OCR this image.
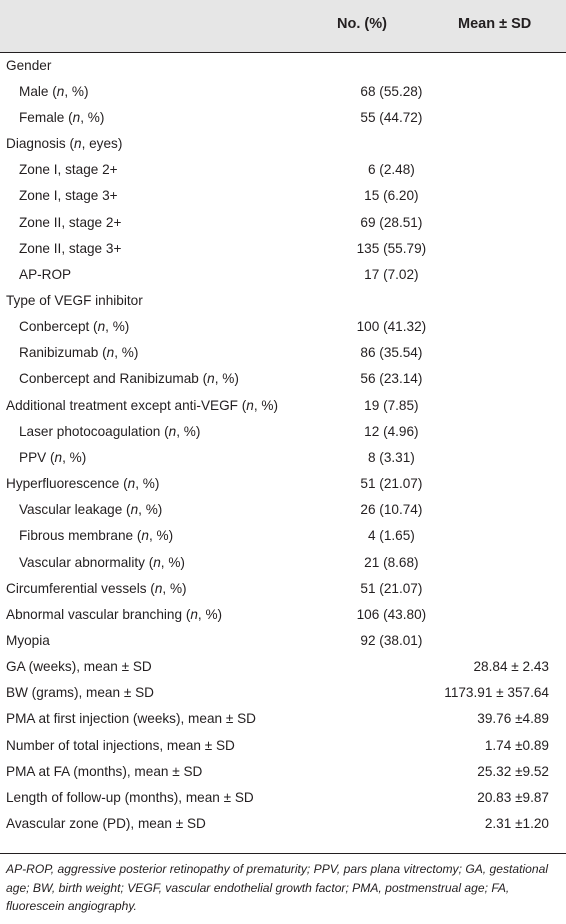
No. (%)	Mean ± SD
Gender		
Male (n, %)	68 (55.28)	
Female (n, %)	55 (44.72)	
Diagnosis (n, eyes)		
Zone I, stage 2+	6 (2.48)	
Zone I, stage 3+	15 (6.20)	
Zone II, stage 2+	69 (28.51)	
Zone II, stage 3+	135 (55.79)	
AP-ROP	17 (7.02)	
Type of VEGF inhibitor		
Conbercept (n, %)	100 (41.32)	
Ranibizumab (n, %)	86 (35.54)	
Conbercept and Ranibizumab (n, %)	56 (23.14)	
Additional treatment except anti-VEGF (n, %)	19 (7.85)	
Laser photocoagulation (n, %)	12 (4.96)	
PPV (n, %)	8 (3.31)	
Hyperfluorescence (n, %)	51 (21.07)	
Vascular leakage (n, %)	26 (10.74)	
Fibrous membrane (n, %)	4 (1.65)	
Vascular abnormality (n, %)	21 (8.68)	
Circumferential vessels (n, %)	51 (21.07)	
Abnormal vascular branching (n, %)	106 (43.80)	
Myopia	92 (38.01)	
GA (weeks), mean ± SD		28.84 ± 2.43
BW (grams), mean ± SD		1173.91 ± 357.64
PMA at first injection (weeks), mean ± SD		39.76 ±4.89
Number of total injections, mean ± SD		1.74 ±0.89
PMA at FA (months), mean ± SD		25.32 ±9.52
Length of follow-up (months), mean ± SD		20.83 ±9.87
Avascular zone (PD), mean ± SD		2.31 ±1.20
AP-ROP, aggressive posterior retinopathy of prematurity; PPV, pars plana vitrectomy; GA, gestational age; BW, birth weight; VEGF, vascular endothelial growth factor; PMA, postmenstrual age; FA, fluorescein angiography.
